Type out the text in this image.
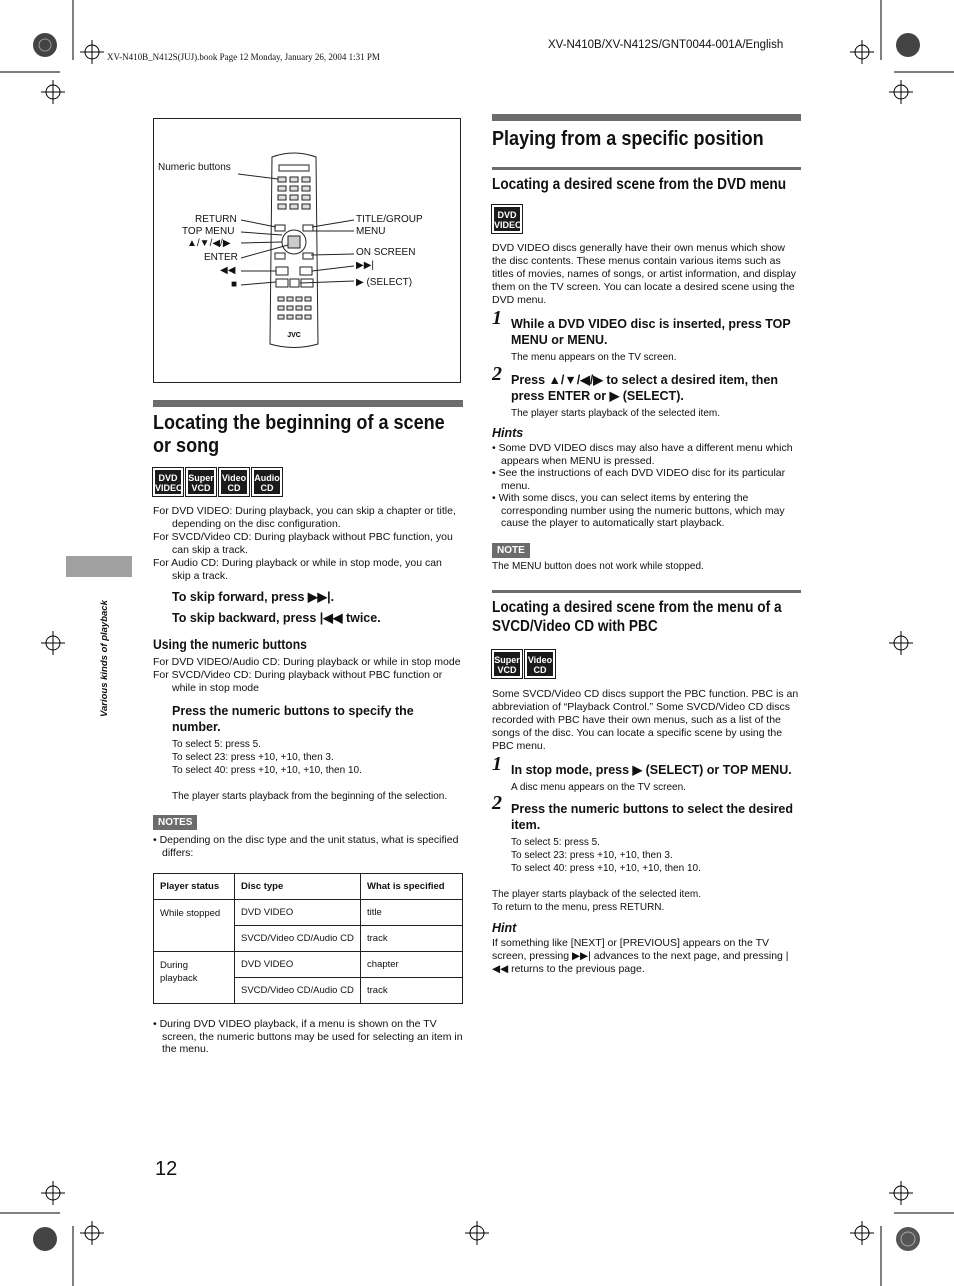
XV-N410B_N412S(JUJ).book Page 12 Monday, January 26, 2004 1:31 PM
XV-N410B/XV-N412S/GNT0044-001A/English
Various kinds of playback
JVC
Numeric buttons
RETURN
TOP MENU
▲/▼/◀/▶
ENTER
◀◀
■
TITLE/GROUP
MENU
ON SCREEN
▶▶|
▶ (SELECT)
Locating the beginning of a scene or song
DVD
VIDEOSuper
VCDVideo
CDAudio
CD

For DVD VIDEO: During playback, you can skip a chapter or title, depending on the disc configuration.

For SVCD/Video CD: During playback without PBC function, you can skip a track.

For Audio CD: During playback or while in stop mode, you can skip a track.

To skip forward, press ▶▶|.
To skip backward, press |◀◀ twice.
Using the numeric buttons

For DVD VIDEO/Audio CD: During playback or while in stop mode

For SVCD/Video CD: During playback without PBC function or while in stop mode

Press the numeric buttons to specify the number.
To select 5: press 5.
To select 23: press +10, +10, then 3.
To select 40: press +10, +10, +10, then 10.
The player starts playback from the beginning of the selection.
NOTES

• Depending on the disc type and the unit status, what is specified differs:

Player status	Disc type	What is specified
While stopped	DVD VIDEO	title
	SVCD/Video CD/Audio CD	track
During playback	DVD VIDEO	chapter
	SVCD/Video CD/Audio CD	track

• During DVD VIDEO playback, if a menu is shown on the TV screen, the numeric buttons may be used for selecting an item in the menu.

Playing from a specific position
Locating a desired scene from the DVD menu
DVD
VIDEO

DVD VIDEO discs generally have their own menus which show the disc contents. These menus contain various items such as titles of movies, names of songs, or artist information, and display them on the TV screen. You can locate a desired scene using the DVD menu.

1 While a DVD VIDEO disc is inserted, press TOP MENU or MENU.
The menu appears on the TV screen.
2 Press ▲/▼/◀/▶ to select a desired item, then press ENTER or ▶ (SELECT).
The player starts playback of the selected item.
Hints

• Some DVD VIDEO discs may also have a different menu which appears when MENU is pressed.

• See the instructions of each DVD VIDEO disc for its particular menu.

• With some discs, you can select items by entering the corresponding number using the numeric buttons, which may cause the player to automatically start playback.

NOTE

The MENU button does not work while stopped.

Locating a desired scene from the menu of a SVCD/Video CD with PBC
Super
VCDVideo
CD

Some SVCD/Video CD discs support the PBC function. PBC is an abbreviation of “Playback Control.” Some SVCD/Video CD discs recorded with PBC have their own menus, such as a list of the songs of the disc. You can locate a specific scene by using the PBC menu.

1 In stop mode, press ▶ (SELECT) or TOP MENU.
A disc menu appears on the TV screen.
2 Press the numeric buttons to select the desired item.
To select 5: press 5.
To select 23: press +10, +10, then 3.
To select 40: press +10, +10, +10, then 10.
The player starts playback of the selected item.
To return to the menu, press RETURN.
Hint

If something like [NEXT] or [PREVIOUS] appears on the TV screen, pressing ▶▶| advances to the next page, and pressing |◀◀ returns to the previous page.

12
